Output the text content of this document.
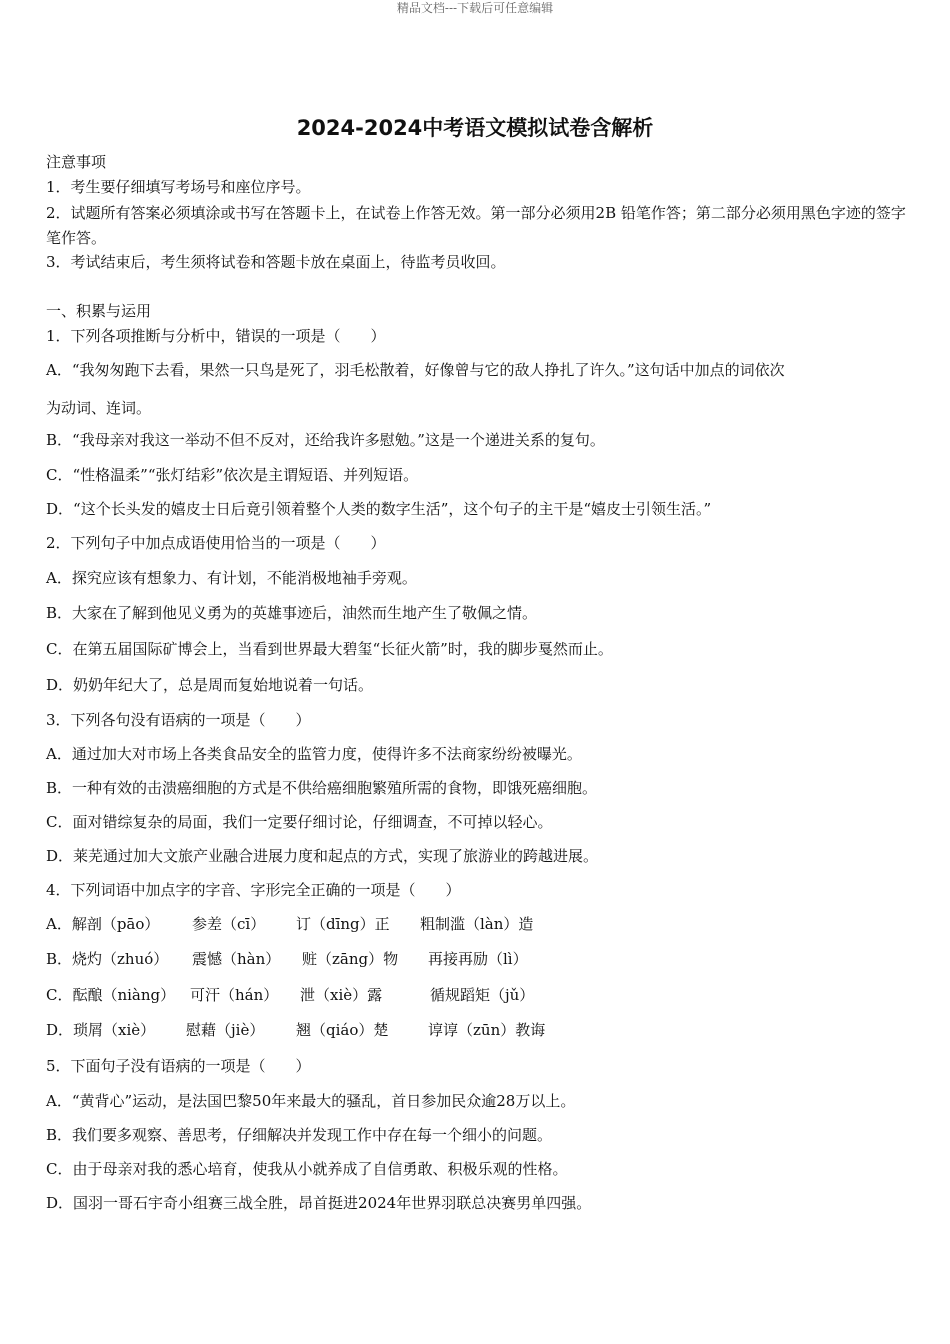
精品文档---下载后可任意编辑
2024-2024中考语文模拟试卷含解析
注意事项
1．考生要仔细填写考场号和座位序号。
2．试题所有答案必须填涂或书写在答题卡上，在试卷上作答无效。第一部分必须用2B 铅笔作答；第二部分必须用黑色字迹的签字笔作答。
3．考试结束后，考生须将试卷和答题卡放在桌面上，待监考员收回。
一、积累与运用
1．下列各项推断与分析中，错误的一项是（　　）
A．“我匆匆跑下去看，果然一只鸟是死了，羽毛松散着，好像曾与它的敌人挣扎了许久。”这句话中加点的词依次
为动词、连词。
B．“我母亲对我这一举动不但不反对，还给我许多慰勉。”这是一个递进关系的复句。
C．“性格温柔”“张灯结彩”依次是主谓短语、并列短语。
D．“这个长头发的嬉皮士日后竟引领着整个人类的数字生活”，这个句子的主干是“嬉皮士引领生活。”
2．下列句子中加点成语使用恰当的一项是（　　）
A．探究应该有想象力、有计划，不能消极地袖手旁观。
B．大家在了解到他见义勇为的英雄事迹后，油然而生地产生了敬佩之情。
C．在第五届国际矿博会上，当看到世界最大碧玺“长征火箭”时，我的脚步戛然而止。
D．奶奶年纪大了，总是周而复始地说着一句话。
3．下列各句没有语病的一项是（　　）
A．通过加大对市场上各类食品安全的监管力度，使得许多不法商家纷纷被曝光。
B．一种有效的击溃癌细胞的方式是不供给癌细胞繁殖所需的食物，即饿死癌细胞。
C．面对错综复杂的局面，我们一定要仔细讨论，仔细调查，不可掉以轻心。
D．莱芜通过加大文旅产业融合进展力度和起点的方式，实现了旅游业的跨越进展。
4．下列词语中加点字的字音、字形完全正确的一项是（　　）
A．解剖（pāo） 参差（cī） 订（dīng）正 粗制滥（làn）造
B．烧灼（zhuó） 震憾（hàn） 赃（zāng）物 再接再励（lì）
C．酝酿（niàng） 可汗（hán） 泄（xiè）露	循规蹈矩（jǔ）
D．琐屑（xiè） 慰藉（jiè） 翘（qiáo）楚	谆谆（zūn）教诲
5．下面句子没有语病的一项是（　　）
A．“黄背心”运动，是法国巴黎50年来最大的骚乱，首日参加民众逾28万以上。
B．我们要多观察、善思考，仔细解决并发现工作中存在每一个细小的问题。
C．由于母亲对我的悉心培育，使我从小就养成了自信勇敢、积极乐观的性格。
D．国羽一哥石宇奇小组赛三战全胜，昂首挺进2024年世界羽联总决赛男单四强。
